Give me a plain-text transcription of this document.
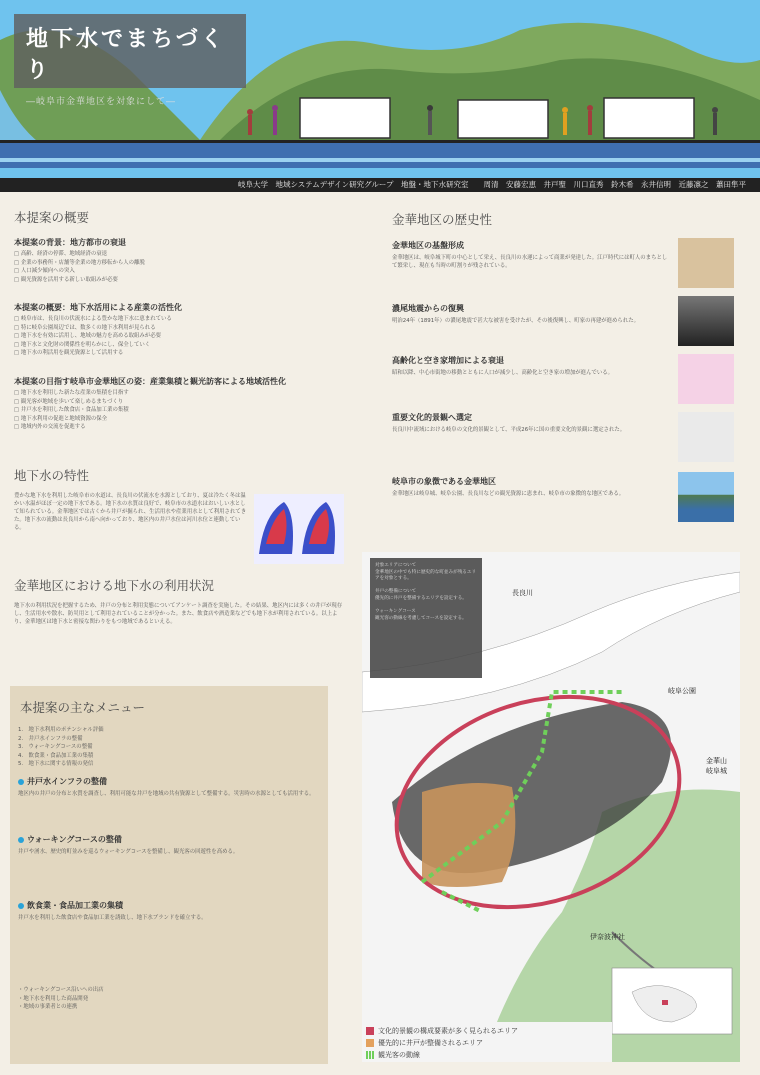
地下水でまちづくり
―岐阜市金華地区を対象にして―
岐阜大学　地域システムデザイン研究グループ　地盤・地下水研究室　　周清　安藤宏恵　井戸聖　川口直秀　鈴木希　永井信明　近藤凛之　蕭田隼平
本提案の概要
本提案の背景：地方都市の衰退
□ 高齢、経済の停滞、地域経済の衰退
□ 企業の事務所・店舗等企業の地方移転から人の離脱
□ 人口減少傾向への突入
□ 観光資源を活用する新しい取組みが必要
本提案の概要：地下水活用による産業の活性化
□ 岐阜市は、長良川の伏流水による豊かな地下水に恵まれている
□ 特に岐阜公園周辺では、数多くの地下水利用が見られる
□ 地下水を有効に活用し、地域の魅力を高める取組みが必要
□ 地下水と文化財の関係性を明らかにし、保全していく
□ 地下水の利活用を観光資源として活用する
本提案の目指す岐阜市金華地区の姿：産業集積と観光訪客による地域活性化
□ 地下水を利用した新たな産業の集積を目指す
□ 観光客が地域を歩いて楽しめるまちづくり
□ 井戸水を利用した飲食店・食品加工業の集積
□ 地下水利用の促進と地域資源の保全
□ 地域内外の交流を促進する
地下水の特性
豊かな地下水を利用した岐阜市の水道は、長良川の伏流水を水源としており、夏は冷たく冬は温かい水温がほぼ一定の地下水である。地下水の水質は良好で、岐阜市の水道水はおいしい水として知られている。金華地区では古くから井戸が掘られ、生活用水や産業用水として利用されてきた。地下水の流動は長良川から南へ向かっており、地区内の井戸水位は河川水位と連動している。
金華地区における地下水の利用状況
地下水の利用状況を把握するため、井戸の分布と利用実態についてアンケート調査を実施した。その結果、地区内には多くの井戸が現存し、生活用水や散水、防災用として利用されていることが分かった。また、飲食店や酒造業などでも地下水が利用されている。以上より、金華地区は地下水と密接な関わりをもつ地域であるといえる。
金華地区の歴史性
金華地区の基盤形成
金華地区は、岐阜城下町の中心として栄え、長良川の水運によって商業が発達した。江戸時代には町人のまちとして繁栄し、現在も当時の町割りが残されている。
濃尾地震からの復興
明治24年（1891年）の濃尾地震で甚大な被害を受けたが、その後復興し、町家の再建が進められた。
高齢化と空き家増加による衰退
昭和以降、中心市街地の移動とともに人口が減少し、高齢化と空き家の増加が進んでいる。
重要文化的景観へ選定
長良川中流域における岐阜の文化的景観として、平成26年に国の重要文化的景観に選定された。
岐阜市の象徴である金華地区
金華地区は岐阜城、岐阜公園、長良川などの観光資源に恵まれ、岐阜市の象徴的な地区である。
本提案の主なメニュー
1.　地下水利用のポテンシャル評価
2.　井戸水インフラの整備
3.　ウォーキングコースの整備
4.　飲食業・食品加工業の集積
5.　地下水に関する情報の発信
井戸水インフラの整備
地区内の井戸の分布と水質を調査し、利用可能な井戸を地域の共有資源として整備する。災害時の水源としても活用する。
ウォーキングコースの整備
井戸や湧水、歴史的町並みを巡るウォーキングコースを整備し、観光客の回遊性を高める。
飲食業・食品加工業の集積
井戸水を利用した飲食店や食品加工業を誘致し、地下水ブランドを確立する。
・ウォーキングコース沿いへの出店
・地下水を利用した商品開発
・地域の事業者との連携
対象エリアについて
金華地区の中でも特に歴史的な町並みが残るエリアを対象とする。

井戸の整備について
優先的に井戸を整備するエリアを設定する。

ウォーキングコース
観光客の動線を考慮してコースを設定する。
長良川
岐阜公園
金華山
岐阜城
伊奈波神社
文化的景観の構成要素が多く見られるエリア
優先的に井戸が整備されるエリア
観光客の動線
